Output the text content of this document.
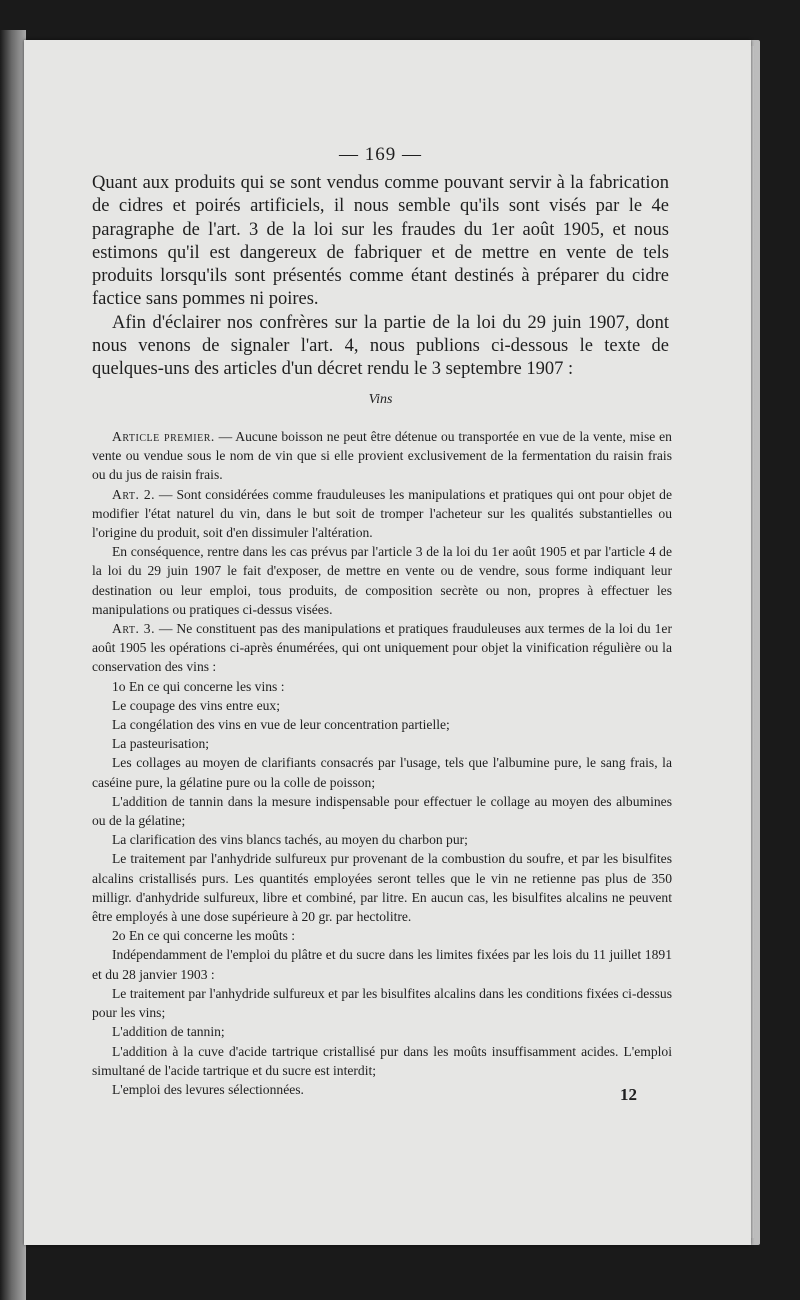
— 169 —

Quant aux produits qui se sont vendus comme pouvant servir à la fabrication de cidres et poirés artificiels, il nous semble qu'ils sont visés par le 4e paragraphe de l'art. 3 de la loi sur les fraudes du 1er août 1905, et nous estimons qu'il est dangereux de fabriquer et de mettre en vente de tels produits lorsqu'ils sont présentés comme étant destinés à préparer du cidre factice sans pommes ni poires.

Afin d'éclairer nos confrères sur la partie de la loi du 29 juin 1907, dont nous venons de signaler l'art. 4, nous publions ci-dessous le texte de quelques-uns des articles d'un décret rendu le 3 septembre 1907 :

Vins

Article premier. — Aucune boisson ne peut être détenue ou transportée en vue de la vente, mise en vente ou vendue sous le nom de vin que si elle provient exclusivement de la fermentation du raisin frais ou du jus de raisin frais.

Art. 2. — Sont considérées comme frauduleuses les manipulations et pratiques qui ont pour objet de modifier l'état naturel du vin, dans le but soit de tromper l'acheteur sur les qualités substantielles ou l'origine du produit, soit d'en dissimuler l'altération.

En conséquence, rentre dans les cas prévus par l'article 3 de la loi du 1er août 1905 et par l'article 4 de la loi du 29 juin 1907 le fait d'exposer, de mettre en vente ou de vendre, sous forme indiquant leur destination ou leur emploi, tous produits, de composition secrète ou non, propres à effectuer les manipulations ou pratiques ci-dessus visées.

Art. 3. — Ne constituent pas des manipulations et pratiques frauduleuses aux termes de la loi du 1er août 1905 les opérations ci-après énumérées, qui ont uniquement pour objet la vinification régulière ou la conservation des vins :

1o En ce qui concerne les vins :

Le coupage des vins entre eux;

La congélation des vins en vue de leur concentration partielle;

La pasteurisation;

Les collages au moyen de clarifiants consacrés par l'usage, tels que l'albumine pure, le sang frais, la caséine pure, la gélatine pure ou la colle de poisson;

L'addition de tannin dans la mesure indispensable pour effectuer le collage au moyen des albumines ou de la gélatine;

La clarification des vins blancs tachés, au moyen du charbon pur;

Le traitement par l'anhydride sulfureux pur provenant de la combustion du soufre, et par les bisulfites alcalins cristallisés purs. Les quantités employées seront telles que le vin ne retienne pas plus de 350 milligr. d'anhydride sulfureux, libre et combiné, par litre. En aucun cas, les bisulfites alcalins ne peuvent être employés à une dose supérieure à 20 gr. par hectolitre.

2o En ce qui concerne les moûts :

Indépendamment de l'emploi du plâtre et du sucre dans les limites fixées par les lois du 11 juillet 1891 et du 28 janvier 1903 :

Le traitement par l'anhydride sulfureux et par les bisulfites alcalins dans les conditions fixées ci-dessus pour les vins;

L'addition de tannin;

L'addition à la cuve d'acide tartrique cristallisé pur dans les moûts insuffisamment acides. L'emploi simultané de l'acide tartrique et du sucre est interdit;

L'emploi des levures sélectionnées.	12
